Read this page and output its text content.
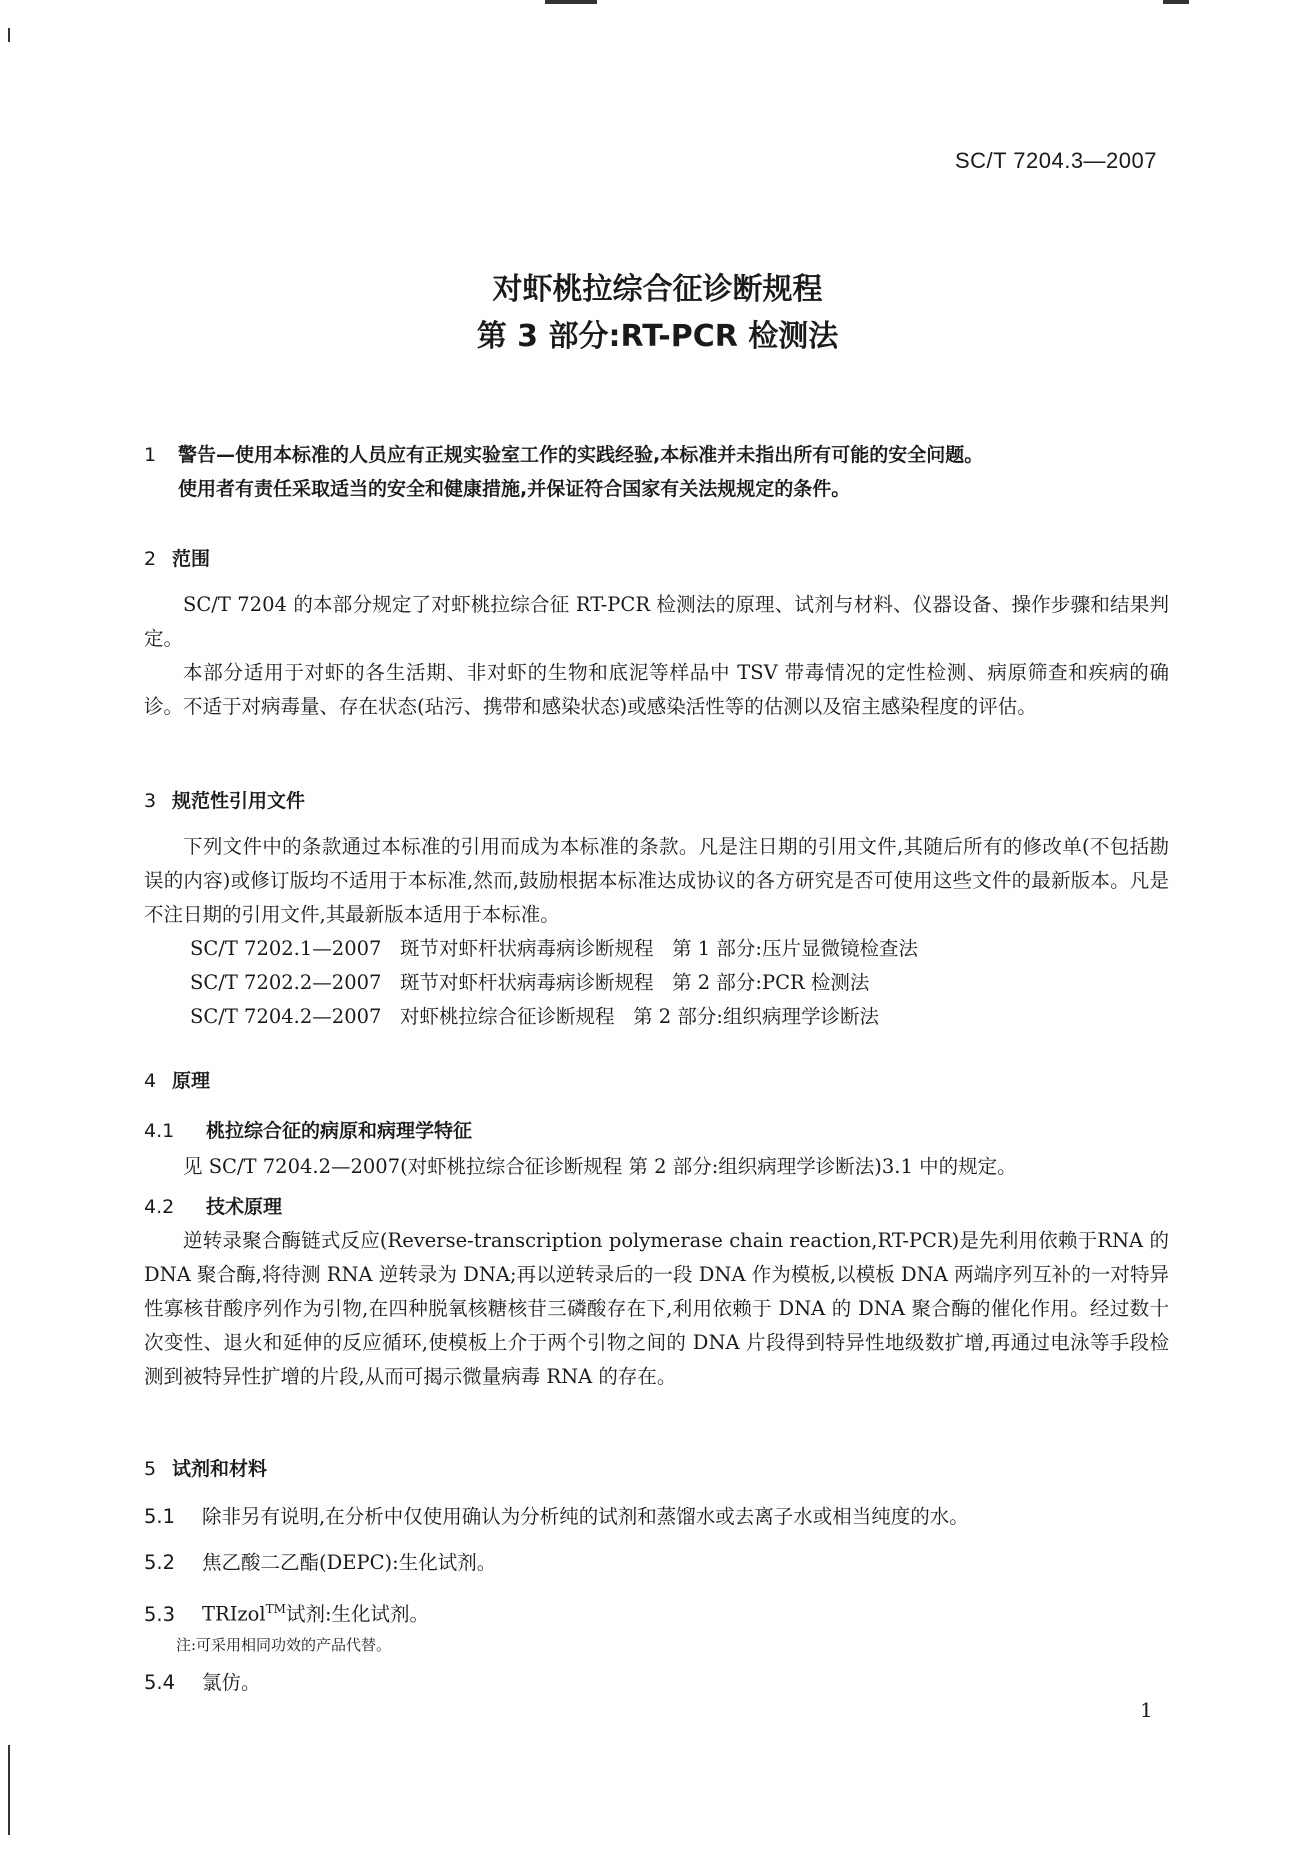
SC/T 7204.3—2007
对虾桃拉综合征诊断规程
第 3 部分:RT-PCR 检测法
1 警告—使用本标准的人员应有正规实验室工作的实践经验,本标准并未指出所有可能的安全问题。
使用者有责任采取适当的安全和健康措施,并保证符合国家有关法规规定的条件。
2 范围
SC/T 7204 的本部分规定了对虾桃拉综合征 RT-PCR 检测法的原理、试剂与材料、仪器设备、操作步骤和结果判定。
本部分适用于对虾的各生活期、非对虾的生物和底泥等样品中 TSV 带毒情况的定性检测、病原筛查和疾病的确诊。不适于对病毒量、存在状态(玷污、携带和感染状态)或感染活性等的估测以及宿主感染程度的评估。
3 规范性引用文件
下列文件中的条款通过本标准的引用而成为本标准的条款。凡是注日期的引用文件,其随后所有的修改单(不包括勘误的内容)或修订版均不适用于本标准,然而,鼓励根据本标准达成协议的各方研究是否可使用这些文件的最新版本。凡是不注日期的引用文件,其最新版本适用于本标准。
SC/T 7202.1—2007   斑节对虾杆状病毒病诊断规程   第 1 部分:压片显微镜检查法
SC/T 7202.2—2007   斑节对虾杆状病毒病诊断规程   第 2 部分:PCR 检测法
SC/T 7204.2—2007   对虾桃拉综合征诊断规程   第 2 部分:组织病理学诊断法
4 原理
4.1 桃拉综合征的病原和病理学特征
见 SC/T 7204.2—2007(对虾桃拉综合征诊断规程 第 2 部分:组织病理学诊断法)3.1 中的规定。
4.2 技术原理
逆转录聚合酶链式反应(Reverse-transcription polymerase chain reaction,RT-PCR)是先利用依赖于RNA 的 DNA 聚合酶,将待测 RNA 逆转录为 DNA;再以逆转录后的一段 DNA 作为模板,以模板 DNA 两端序列互补的一对特异性寡核苷酸序列作为引物,在四种脱氧核糖核苷三磷酸存在下,利用依赖于 DNA 的 DNA 聚合酶的催化作用。经过数十次变性、退火和延伸的反应循环,使模板上介于两个引物之间的 DNA 片段得到特异性地级数扩增,再通过电泳等手段检测到被特异性扩增的片段,从而可揭示微量病毒 RNA 的存在。
5 试剂和材料
5.1 除非另有说明,在分析中仅使用确认为分析纯的试剂和蒸馏水或去离子水或相当纯度的水。
5.2 焦乙酸二乙酯(DEPC):生化试剂。
5.3 TRIzol™试剂:生化试剂。
注:可采用相同功效的产品代替。
5.4 氯仿。
1
